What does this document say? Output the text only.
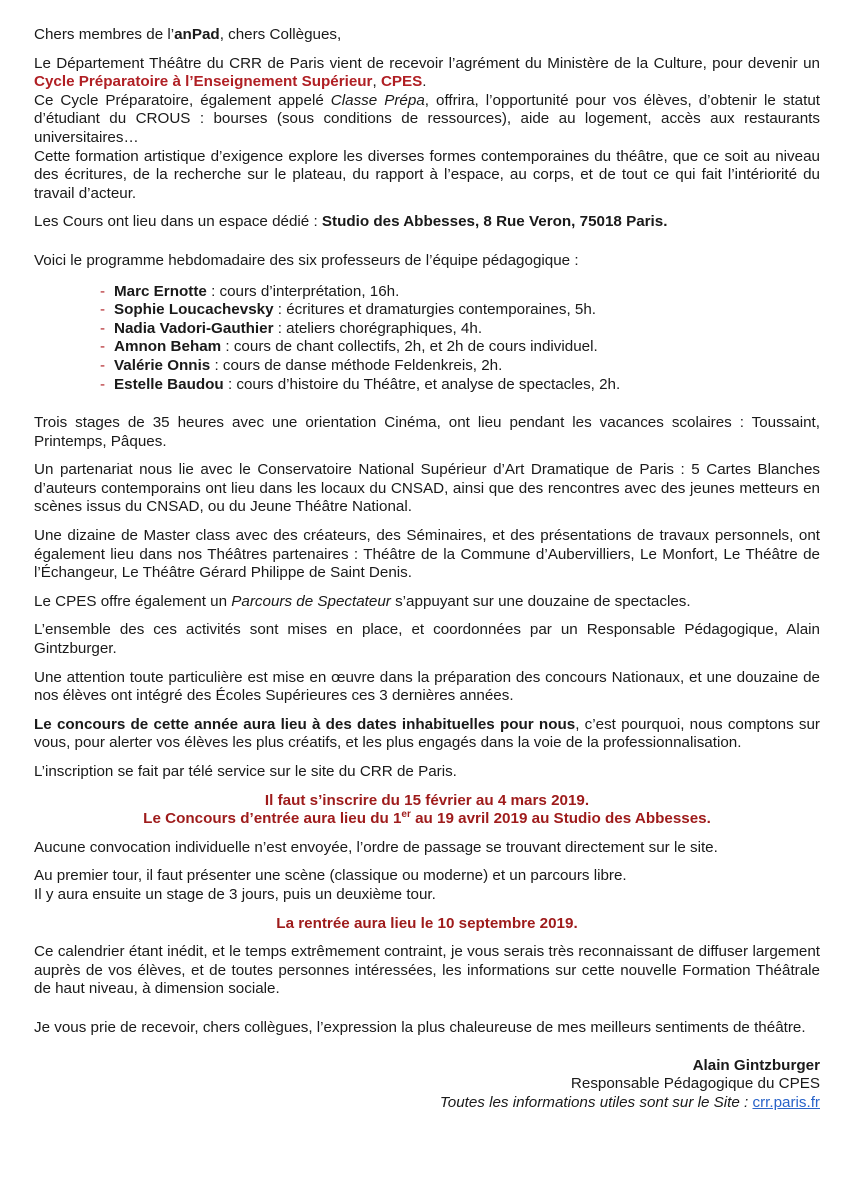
Chers membres de l’anPad, chers Collègues,

Le Département Théâtre du CRR de Paris vient de recevoir l’agrément du Ministère de la Culture, pour devenir un Cycle Préparatoire à l’Enseignement Supérieur, CPES.

Ce Cycle Préparatoire, également appelé Classe Prépa, offrira, l’opportunité pour vos élèves, d’obtenir le statut d’étudiant du CROUS : bourses (sous conditions de ressources), aide au logement, accès aux restaurants universitaires…

Cette formation artistique d’exigence explore les diverses formes contemporaines du théâtre, que ce soit au niveau des écritures, de la recherche sur le plateau, du rapport à l’espace, au corps, et de tout ce qui fait l’intériorité du travail d’acteur.

Les Cours ont lieu dans un espace dédié : Studio des Abbesses, 8 Rue Veron, 75018 Paris.

Voici le programme hebdomadaire des six professeurs de l’équipe pédagogique :

- Marc Ernotte : cours d’interprétation, 16h.
- Sophie Loucachevsky : écritures et dramaturgies contemporaines, 5h.
- Nadia Vadori-Gauthier : ateliers chorégraphiques, 4h.
- Amnon Beham : cours de chant collectifs, 2h, et 2h de cours individuel.
- Valérie Onnis : cours de danse méthode Feldenkreis, 2h.
- Estelle Baudou : cours d’histoire du Théâtre, et analyse de spectacles, 2h.

Trois stages de 35 heures avec une orientation Cinéma, ont lieu pendant les vacances scolaires : Toussaint, Printemps, Pâques.

Un partenariat nous lie avec le Conservatoire National Supérieur d’Art Dramatique de Paris : 5 Cartes Blanches d’auteurs contemporains ont lieu dans les locaux du CNSAD, ainsi que des rencontres avec des jeunes metteurs en scènes issus du CNSAD, ou du Jeune Théâtre National.

Une dizaine de Master class avec des créateurs, des Séminaires, et des présentations de travaux personnels, ont également lieu dans nos Théâtres partenaires : Théâtre de la Commune d’Aubervilliers, Le Monfort, Le Théâtre de l’Échangeur, Le Théâtre Gérard Philippe de Saint Denis.

Le CPES offre également un Parcours de Spectateur s’appuyant sur une douzaine de spectacles.

L’ensemble des ces activités sont mises en place, et coordonnées par un Responsable Pédagogique, Alain Gintzburger.

Une attention toute particulière est mise en œuvre dans la préparation des concours Nationaux, et une douzaine de nos élèves ont intégré des Écoles Supérieures ces 3 dernières années.

Le concours de cette année aura lieu à des dates inhabituelles pour nous, c’est pourquoi, nous comptons sur vous, pour alerter vos élèves les plus créatifs, et les plus engagés dans la voie de la professionnalisation.

L’inscription se fait par télé service sur le site du CRR de Paris.

Il faut s’inscrire du 15 février au 4 mars 2019.

Le Concours d’entrée aura lieu du 1er au 19 avril 2019 au Studio des Abbesses.

Aucune convocation individuelle n’est envoyée, l’ordre de passage se trouvant directement sur le site.

Au premier tour, il faut présenter une scène (classique ou moderne) et un parcours libre.

Il y aura ensuite un stage de 3 jours, puis un deuxième tour.

La rentrée aura lieu le 10 septembre 2019.

Ce calendrier étant inédit, et le temps extrêmement contraint, je vous serais très reconnaissant de diffuser largement auprès de vos élèves, et de toutes personnes intéressées, les informations sur cette nouvelle Formation Théâtrale de haut niveau, à dimension sociale.

Je vous prie de recevoir, chers collègues, l’expression la plus chaleureuse de mes meilleurs sentiments de théâtre.

Alain Gintzburger

Responsable Pédagogique du CPES

Toutes les informations utiles sont sur le Site : crr.paris.fr
